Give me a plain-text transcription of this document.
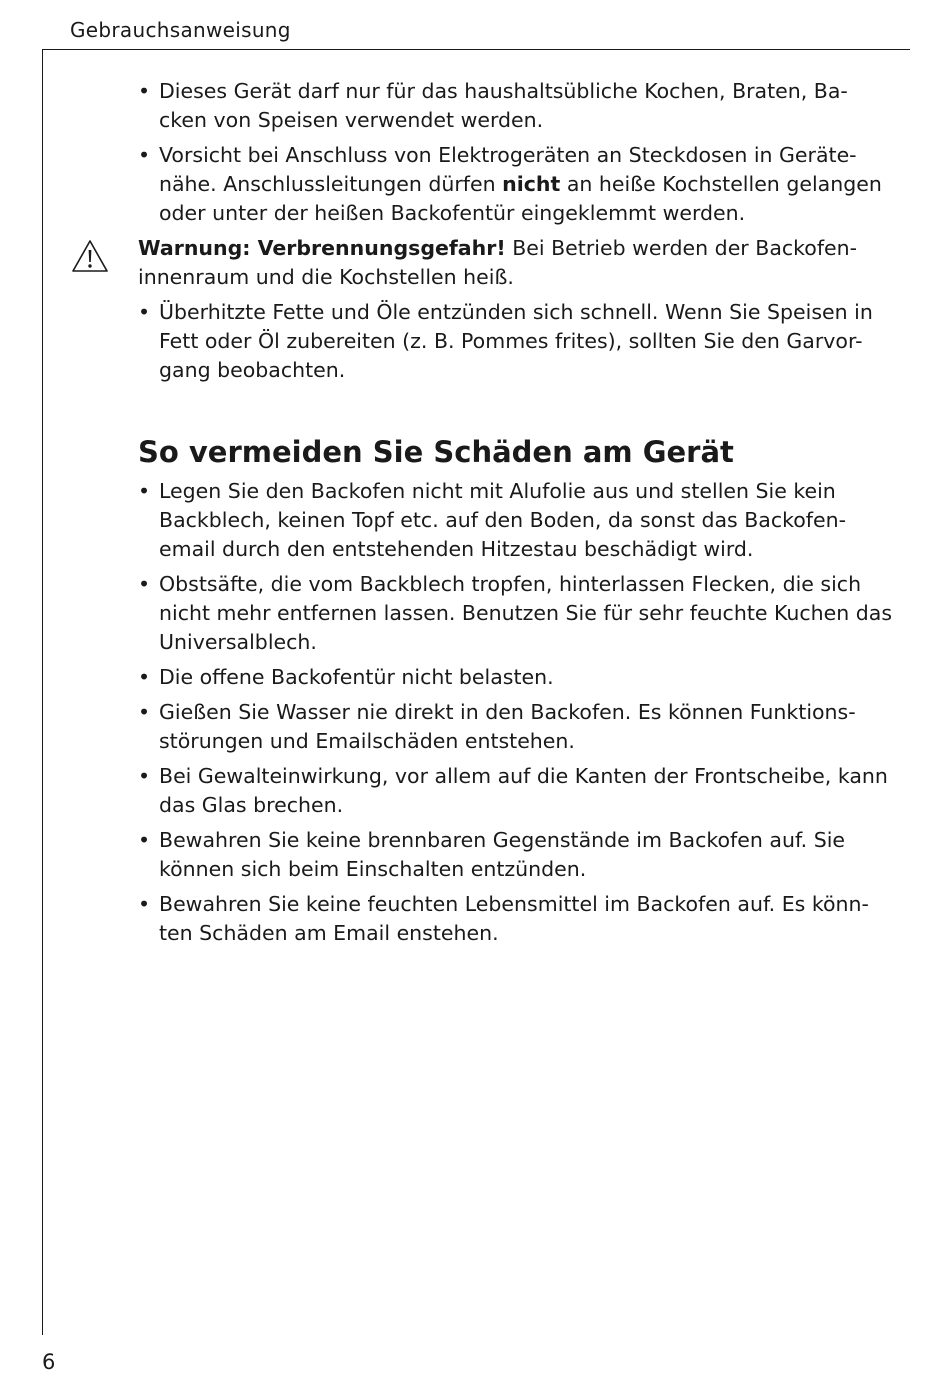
Gebrauchsanweisung
• Dieses Gerät darf nur für das haushaltsübliche Kochen, Braten, Ba-cken von Speisen verwendet werden.
• Vorsicht bei Anschluss von Elektrogeräten an Steckdosen in Geräte-nähe. Anschlussleitungen dürfen nicht an heiße Kochstellen gelangen oder unter der heißen Backofentür eingeklemmt werden.
Warnung: Verbrennungsgefahr! Bei Betrieb werden der Backofen-innenraum und die Kochstellen heiß.
• Überhitzte Fette und Öle entzünden sich schnell. Wenn Sie Speisen in Fett oder Öl zubereiten (z. B. Pommes frites), sollten Sie den Garvor-gang beobachten.
So vermeiden Sie Schäden am Gerät
• Legen Sie den Backofen nicht mit Alufolie aus und stellen Sie kein Backblech, keinen Topf etc. auf den Boden, da sonst das Backofen-email durch den entstehenden Hitzestau beschädigt wird.
• Obstsäfte, die vom Backblech tropfen, hinterlassen Flecken, die sich nicht mehr entfernen lassen. Benutzen Sie für sehr feuchte Kuchen das Universalblech.
• Die offene Backofentür nicht belasten.
• Gießen Sie Wasser nie direkt in den Backofen. Es können Funktions-störungen und Emailschäden entstehen.
• Bei Gewalteinwirkung, vor allem auf die Kanten der Frontscheibe, kann das Glas brechen.
• Bewahren Sie keine brennbaren Gegenstände im Backofen auf. Sie können sich beim Einschalten entzünden.
• Bewahren Sie keine feuchten Lebensmittel im Backofen auf. Es könn-ten Schäden am Email enstehen.
6
